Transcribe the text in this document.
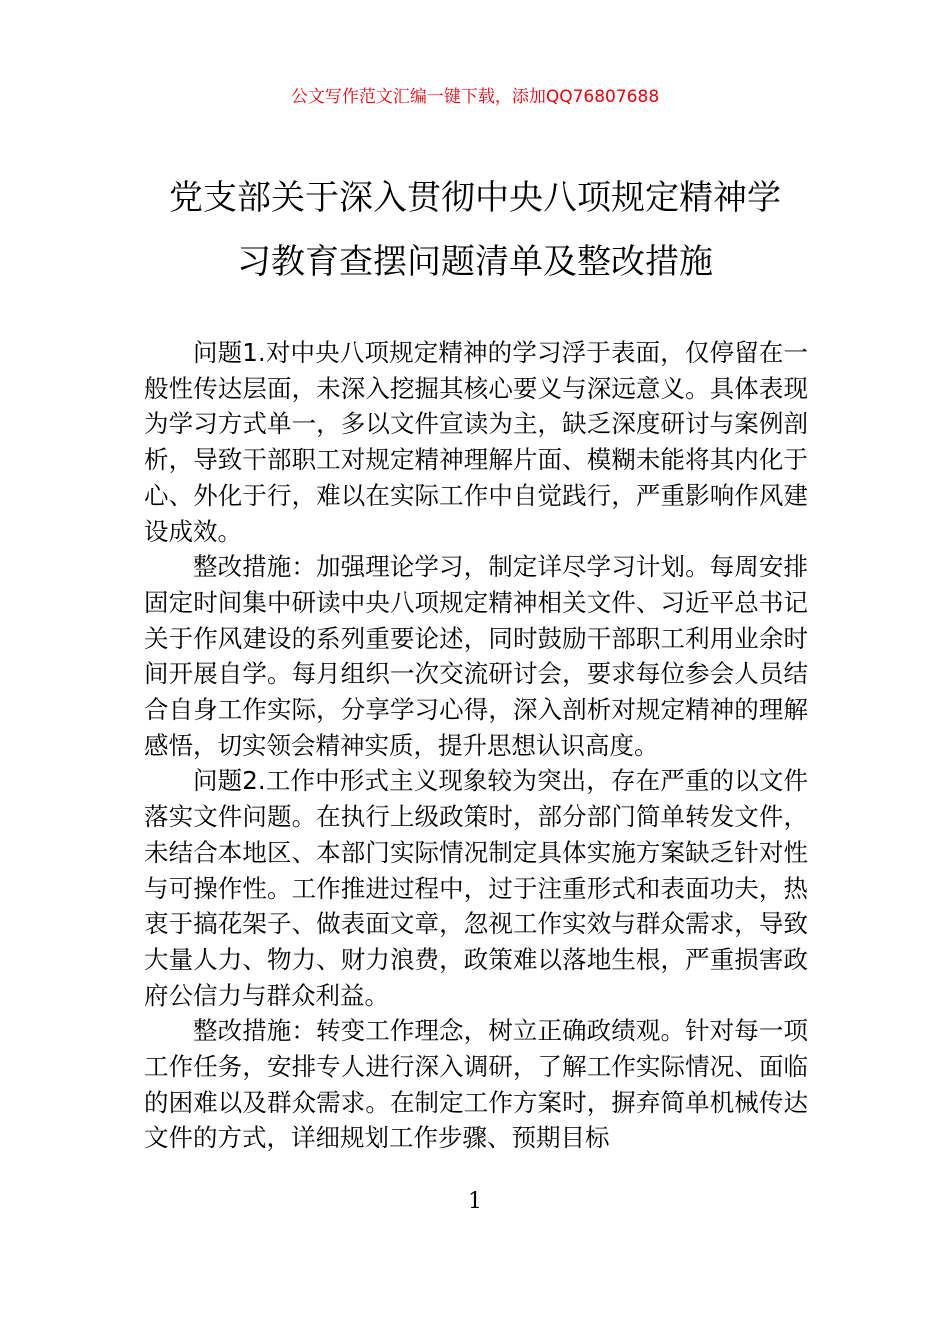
公文写作范文汇编一键下载，添加QQ76807688
党支部关于深入贯彻中央八项规定精神学
习教育查摆问题清单及整改措施

问题1.对中央八项规定精神的学习浮于表面，仅停留在一般性传达层面，未深入挖掘其核心要义与深远意义。具体表现为学习方式单一，多以文件宣读为主，缺乏深度研讨与案例剖析，导致干部职工对规定精神理解片面、模糊未能将其内化于心、外化于行，难以在实际工作中自觉践行，严重影响作风建设成效。

整改措施：加强理论学习，制定详尽学习计划。每周安排固定时间集中研读中央八项规定精神相关文件、习近平总书记关于作风建设的系列重要论述，同时鼓励干部职工利用业余时间开展自学。每月组织一次交流研讨会，要求每位参会人员结合自身工作实际，分享学习心得，深入剖析对规定精神的理解感悟，切实领会精神实质，提升思想认识高度。

问题2.工作中形式主义现象较为突出，存在严重的以文件落实文件问题。在执行上级政策时，部分部门简单转发文件，未结合本地区、本部门实际情况制定具体实施方案缺乏针对性与可操作性。工作推进过程中，过于注重形式和表面功夫，热衷于搞花架子、做表面文章，忽视工作实效与群众需求，导致大量人力、物力、财力浪费，政策难以落地生根，严重损害政府公信力与群众利益。

整改措施：转变工作理念，树立正确政绩观。针对每一项工作任务，安排专人进行深入调研，了解工作实际情况、面临的困难以及群众需求。在制定工作方案时，摒弃简单机械传达文件的方式，详细规划工作步骤、预期目标

1
